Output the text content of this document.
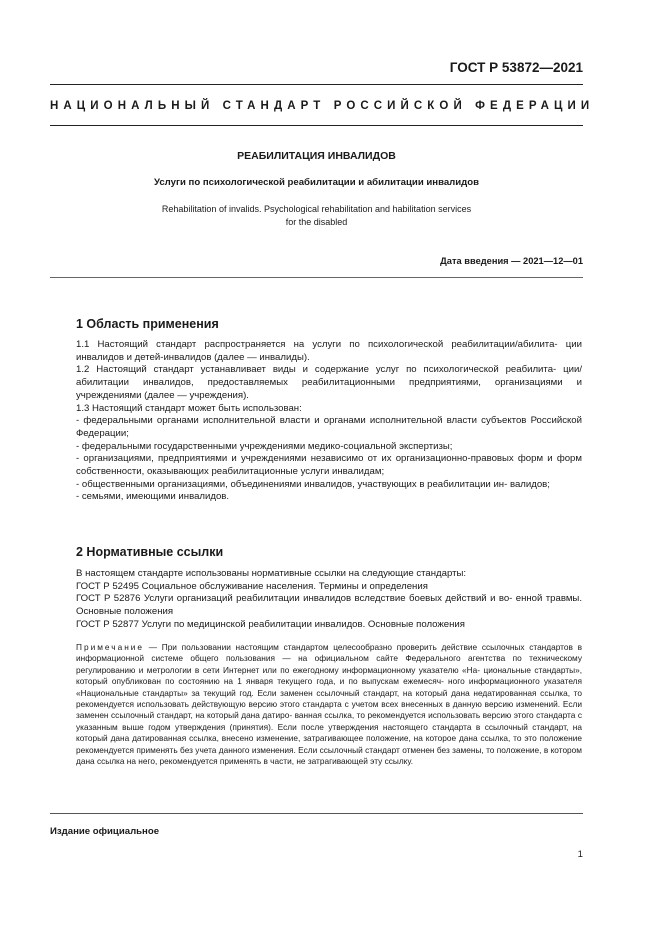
ГОСТ Р 53872—2021
НАЦИОНАЛЬНЫЙ СТАНДАРТ РОССИЙСКОЙ ФЕДЕРАЦИИ
РЕАБИЛИТАЦИЯ ИНВАЛИДОВ
Услуги по психологической реабилитации и абилитации инвалидов
Rehabilitation of invalids. Psychological rehabilitation and habilitation services
for the disabled
Дата введения — 2021—12—01
1 Область применения

1.1 Настоящий стандарт распространяется на услуги по психологической реабилитации/абилита- ции инвалидов и детей-инвалидов (далее — инвалиды).

1.2 Настоящий стандарт устанавливает виды и содержание услуг по психологической реабилита- ции/абилитации инвалидов, предоставляемых реабилитационными предприятиями, организациями и учреждениями (далее — учреждения).

1.3 Настоящий стандарт может быть использован:

- федеральными органами исполнительной власти и органами исполнительной власти субъектов Российской Федерации;

- федеральными государственными учреждениями медико-социальной экспертизы;

- организациями, предприятиями и учреждениями независимо от их организационно-правовых форм и форм собственности, оказывающих реабилитационные услуги инвалидам;

- общественными организациями, объединениями инвалидов, участвующих в реабилитации ин- валидов;

- семьями, имеющими инвалидов.

2 Нормативные ссылки

В настоящем стандарте использованы нормативные ссылки на следующие стандарты:

ГОСТ Р 52495 Социальное обслуживание населения. Термины и определения

ГОСТ Р 52876 Услуги организаций реабилитации инвалидов вследствие боевых действий и во- енной травмы. Основные положения

ГОСТ Р 52877 Услуги по медицинской реабилитации инвалидов. Основные положения

Примечание — При пользовании настоящим стандартом целесообразно проверить действие ссылочных стандартов в информационной системе общего пользования — на официальном сайте Федерального агентства по техническому регулированию и метрологии в сети Интернет или по ежегодному информационному указателю «На- циональные стандарты», который опубликован по состоянию на 1 января текущего года, и по выпускам ежемесяч- ного информационного указателя «Национальные стандарты» за текущий год. Если заменен ссылочный стандарт, на который дана недатированная ссылка, то рекомендуется использовать действующую версию этого стандарта с учетом всех внесенных в данную версию изменений. Если заменен ссылочный стандарт, на который дана датиро- ванная ссылка, то рекомендуется использовать версию этого стандарта с указанным выше годом утверждения (принятия). Если после утверждения настоящего стандарта в ссылочный стандарт, на который дана датированная ссылка, внесено изменение, затрагивающее положение, на которое дана ссылка, то это положение рекомендуется применять без учета данного изменения. Если ссылочный стандарт отменен без замены, то положение, в котором дана ссылка на него, рекомендуется применять в части, не затрагивающей эту ссылку.
Издание официальное
1
